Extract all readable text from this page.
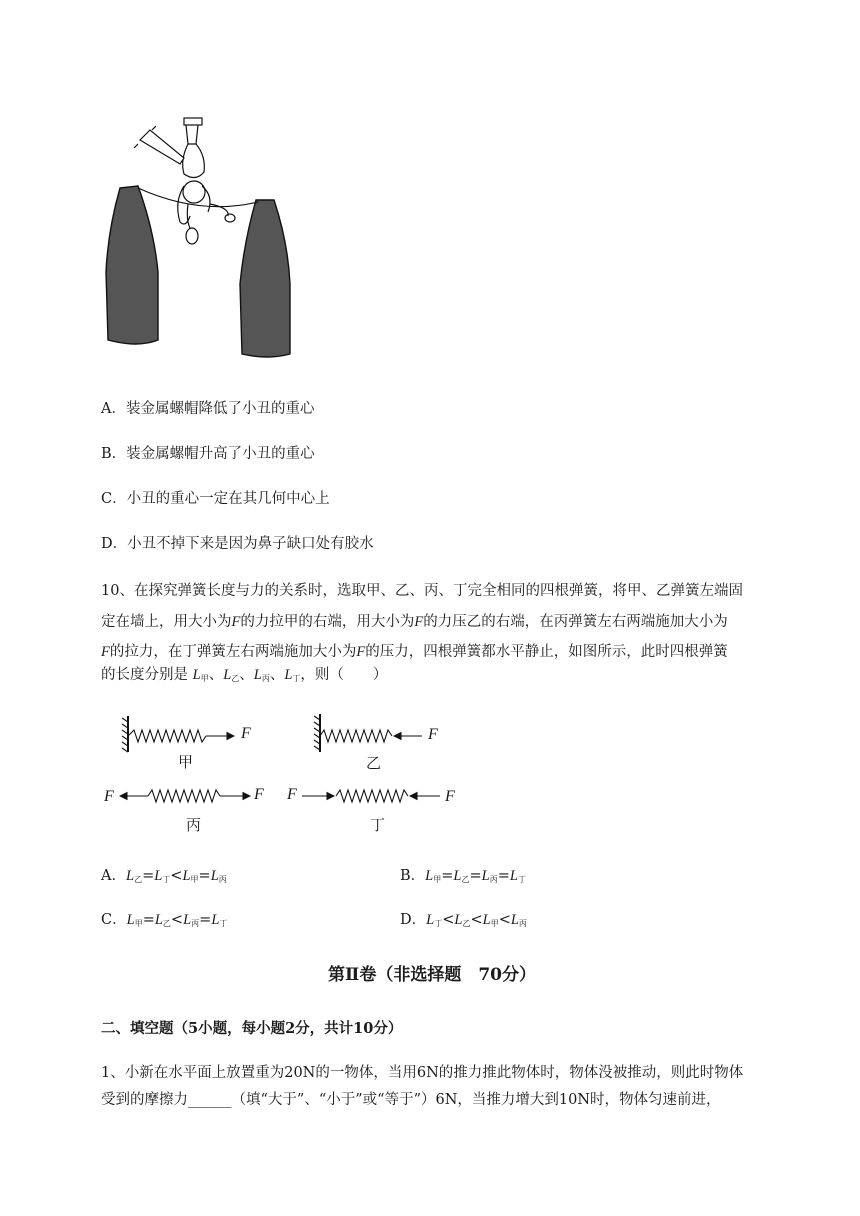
A．装金属螺帽降低了小丑的重心
B．装金属螺帽升高了小丑的重心
C．小丑的重心一定在其几何中心上
D．小丑不掉下来是因为鼻子缺口处有胶水
10、在探究弹簧长度与力的关系时，选取甲、乙、丙、丁完全相同的四根弹簧，将甲、乙弹簧左端固
定在墙上，用大小为F的力拉甲的右端，用大小为F的力压乙的右端，在丙弹簧左右两端施加大小为
F的拉力，在丁弹簧左右两端施加大小为F的压力，四根弹簧都水平静止，如图所示，此时四根弹簧
的长度分别是 $L_甲$、$L_乙$、$L_丙$、$L_丁$，则（　　）
F	F
F	F F	F
甲	乙
丙	丁
A．$L_乙=L_丁<L_甲=L_丙$	B．$L_甲=L_乙=L_丙=L_丁$
C．$L_甲=L_乙<L_丙=L_丁$	D．$L_丁<L_乙<L_甲<L_丙$
第Ⅱ卷（非选择题　70分）
二、填空题（5小题，每小题2分，共计10分）
1、小新在水平面上放置重为20N的一物体，当用6N的推力推此物体时，物体没被推动，则此时物体
受到的摩擦力______（填“大于”、“小于”或“等于”）6N，当推力增大到10N时，物体匀速前进，
